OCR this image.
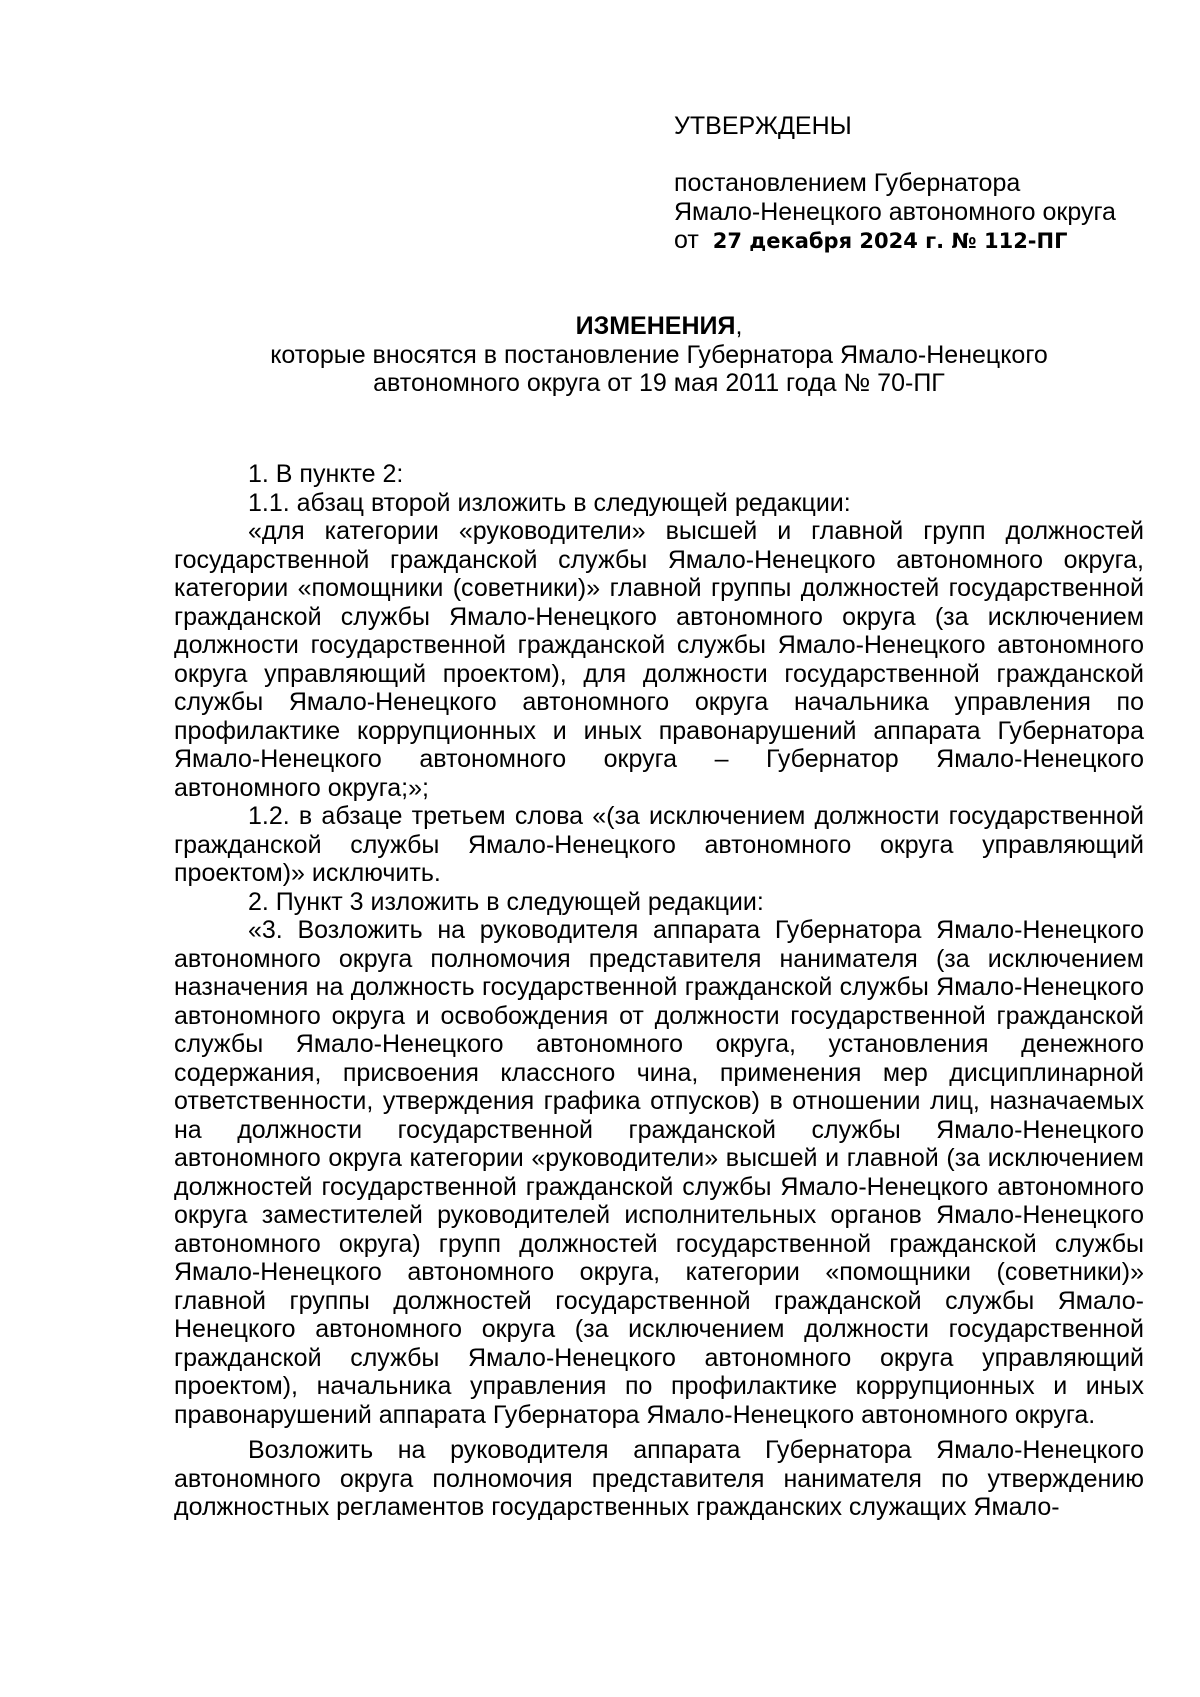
УТВЕРЖДЕНЫ
постановлением Губернатора
Ямало-Ненецкого автономного округа
от 27 декабря 2024 г. № 112-ПГ
ИЗМЕНЕНИЯ,
которые вносятся в постановление Губернатора Ямало-Ненецкого
автономного округа от 19 мая 2011 года № 70-ПГ

1. В пункте 2:

1.1. абзац второй изложить в следующей редакции:

«для категории «руководители» высшей и главной групп должностей государственной гражданской службы Ямало-Ненецкого автономного округа, категории «помощники (советники)» главной группы должностей государственной гражданской службы Ямало-Ненецкого автономного округа (за исключением должности государственной гражданской службы Ямало-Ненецкого автономного округа управляющий проектом), для должности государственной гражданской службы Ямало-Ненецкого автономного округа начальника управления по профилактике коррупционных и иных правонарушений аппарата Губернатора Ямало-Ненецкого автономного округа – Губернатор Ямало-Ненецкого автономного округа;»;

1.2. в абзаце третьем слова «(за исключением должности государственной гражданской службы Ямало-Ненецкого автономного округа управляющий проектом)» исключить.

2. Пункт 3 изложить в следующей редакции:

«3. Возложить на руководителя аппарата Губернатора Ямало-Ненецкого автономного округа полномочия представителя нанимателя (за исключением назначения на должность государственной гражданской службы Ямало-Ненецкого автономного округа и освобождения от должности государственной гражданской службы Ямало-Ненецкого автономного округа, установления денежного содержания, присвоения классного чина, применения мер дисциплинарной ответственности, утверждения графика отпусков) в отношении лиц, назначаемых на должности государственной гражданской службы Ямало-Ненецкого автономного округа категории «руководители» высшей и главной (за исключением должностей государственной гражданской службы Ямало-Ненецкого автономного округа заместителей руководителей исполнительных органов Ямало-Ненецкого автономного округа) групп должностей государственной гражданской службы Ямало-Ненецкого автономного округа, категории «помощники (советники)» главной группы должностей государственной гражданской службы Ямало-Ненецкого автономного округа (за исключением должности государственной гражданской службы Ямало-Ненецкого автономного округа управляющий проектом), начальника управления по профилактике коррупционных и иных правонарушений аппарата Губернатора Ямало-Ненецкого автономного округа.

Возложить на руководителя аппарата Губернатора Ямало-Ненецкого автономного округа полномочия представителя нанимателя по утверждению должностных регламентов государственных гражданских служащих Ямало-
